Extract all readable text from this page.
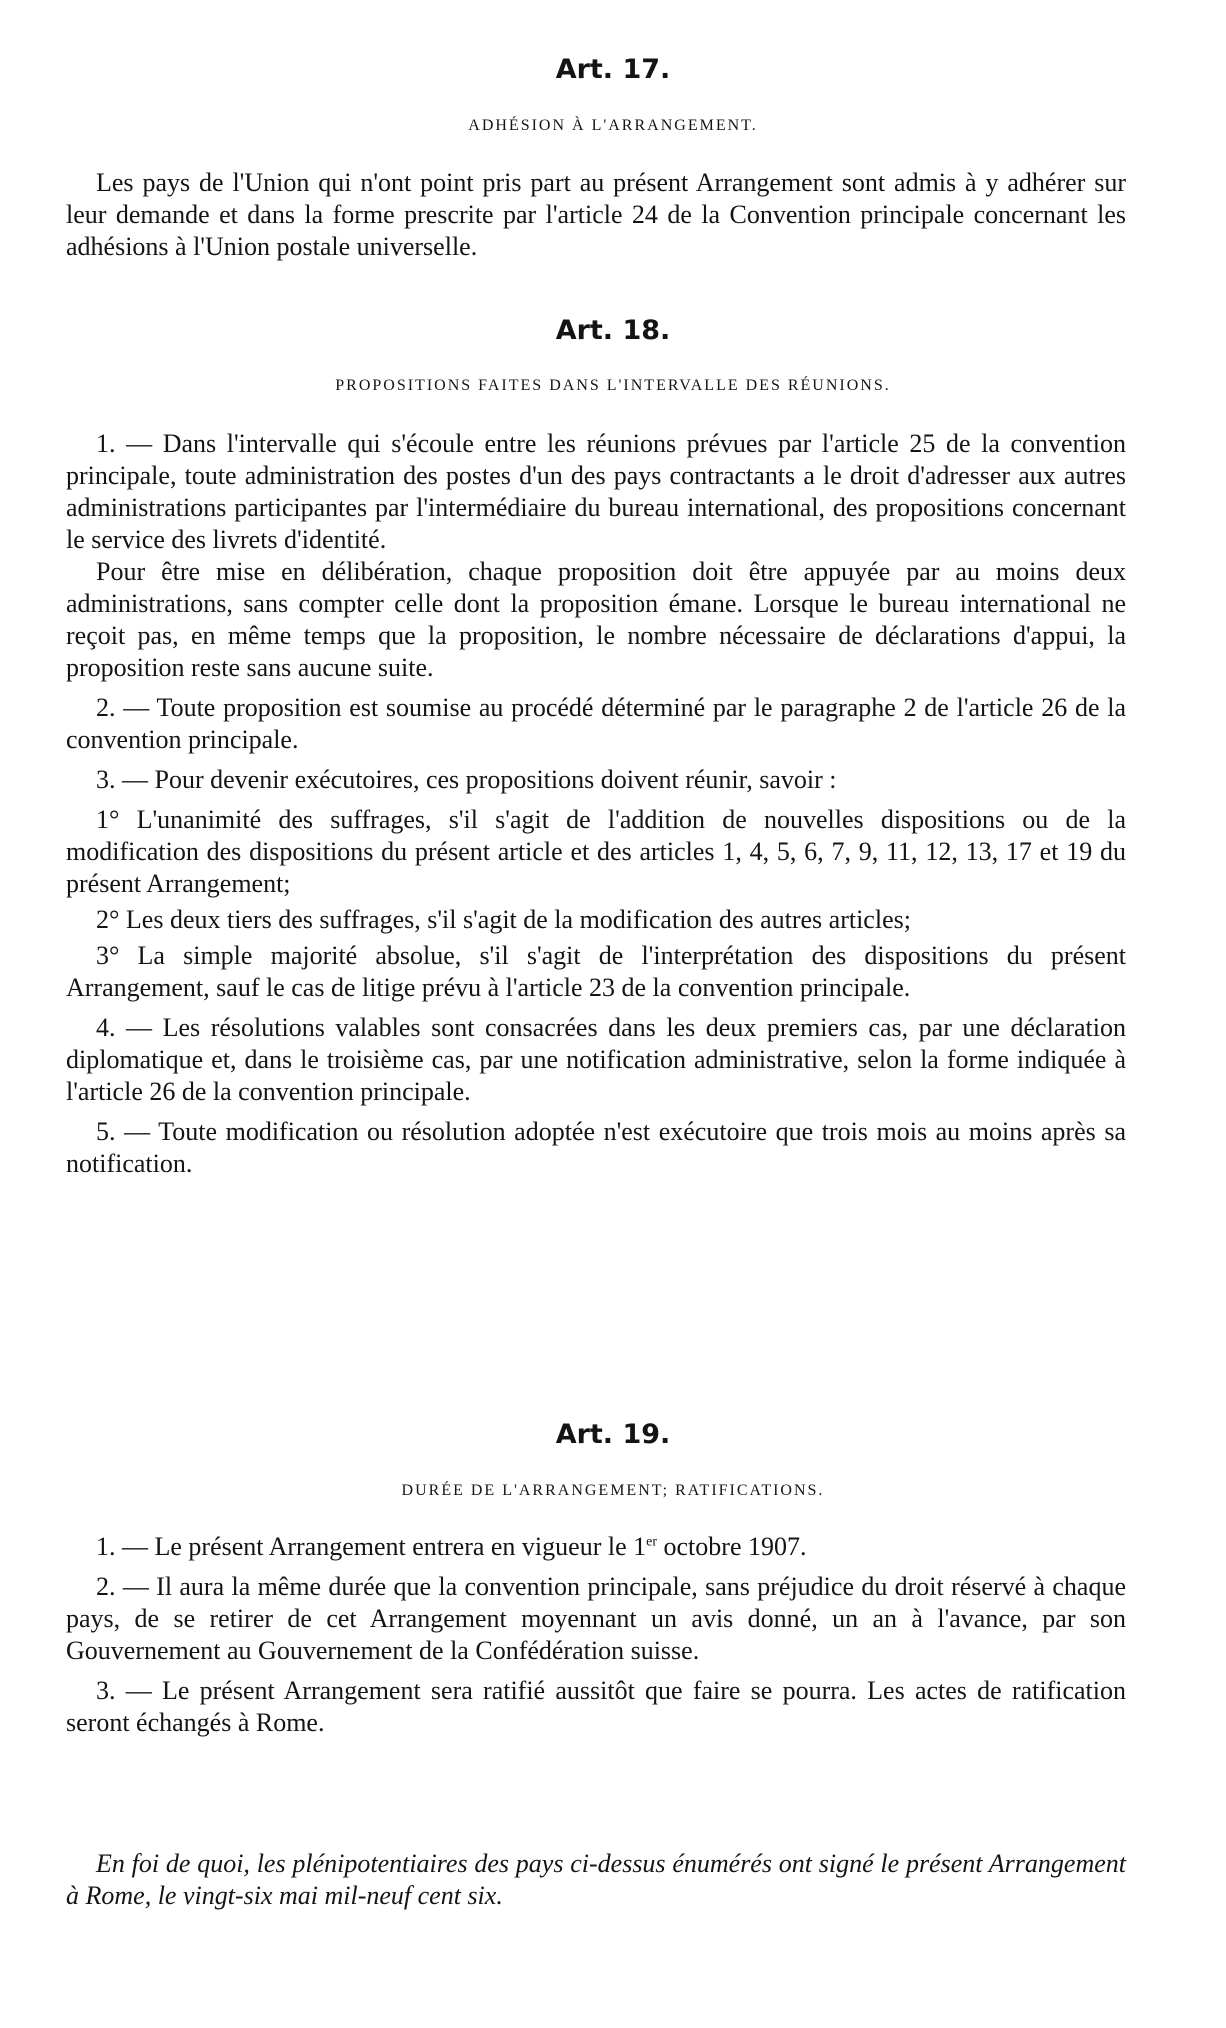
Art. 17.
ADHÉSION À L'ARRANGEMENT.

Les pays de l'Union qui n'ont point pris part au présent Arrangement sont admis à y adhérer sur leur demande et dans la forme prescrite par l'article 24 de la Convention principale concernant les adhésions à l'Union postale universelle.

Art. 18.
PROPOSITIONS FAITES DANS L'INTERVALLE DES RÉUNIONS.

1. — Dans l'intervalle qui s'écoule entre les réunions prévues par l'article 25 de la convention principale, toute administration des postes d'un des pays contractants a le droit d'adresser aux autres administrations participantes par l'intermédiaire du bureau international, des propositions concernant le service des livrets d'identité.

Pour être mise en délibération, chaque proposition doit être appuyée par au moins deux administrations, sans compter celle dont la proposition émane. Lorsque le bureau international ne reçoit pas, en même temps que la proposition, le nombre nécessaire de déclarations d'appui, la proposition reste sans aucune suite.

2. — Toute proposition est soumise au procédé déterminé par le paragraphe 2 de l'article 26 de la convention principale.

3. — Pour devenir exécutoires, ces propositions doivent réunir, savoir :

1° L'unanimité des suffrages, s'il s'agit de l'addition de nouvelles dispositions ou de la modification des dispositions du présent article et des articles 1, 4, 5, 6, 7, 9, 11, 12, 13, 17 et 19 du présent Arrangement;

2° Les deux tiers des suffrages, s'il s'agit de la modification des autres articles;

3° La simple majorité absolue, s'il s'agit de l'interprétation des dispositions du présent Arrangement, sauf le cas de litige prévu à l'article 23 de la convention principale.

4. — Les résolutions valables sont consacrées dans les deux premiers cas, par une déclaration diplomatique et, dans le troisième cas, par une notification administrative, selon la forme indiquée à l'article 26 de la convention principale.

5. — Toute modification ou résolution adoptée n'est exécutoire que trois mois au moins après sa notification.

Art. 19.
DURÉE DE L'ARRANGEMENT; RATIFICATIONS.

1. — Le présent Arrangement entrera en vigueur le 1er octobre 1907.

2. — Il aura la même durée que la convention principale, sans préjudice du droit réservé à chaque pays, de se retirer de cet Arrangement moyennant un avis donné, un an à l'avance, par son Gouvernement au Gouvernement de la Confédération suisse.

3. — Le présent Arrangement sera ratifié aussitôt que faire se pourra. Les actes de ratification seront échangés à Rome.

En foi de quoi, les plénipotentiaires des pays ci-dessus énumérés ont signé le présent Arrangement à Rome, le vingt-six mai mil-neuf cent six.
